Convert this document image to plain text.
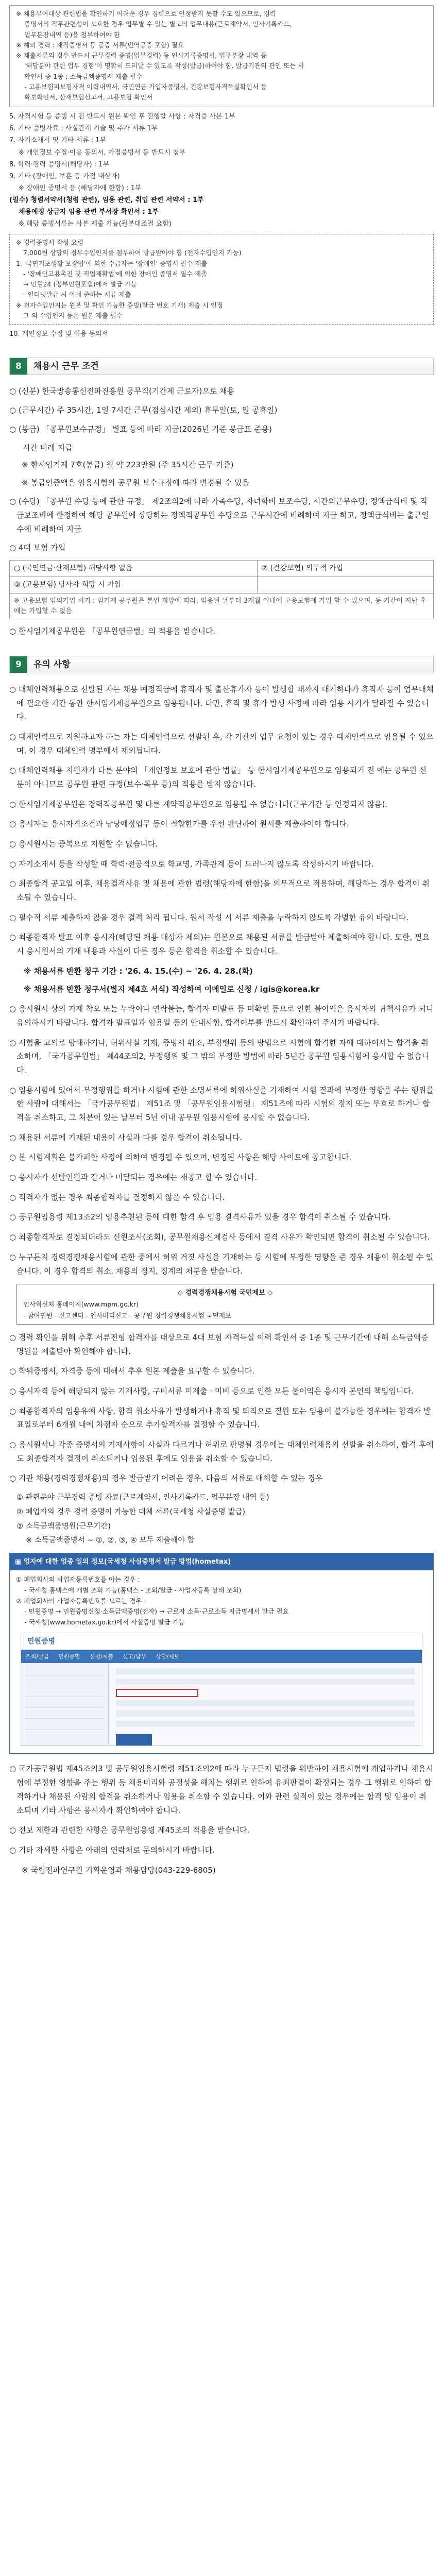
※ 채용부여대상 관련법을 확인하기 어려운 경우 경력으로 인정받지 못할 수도 있으므로, 경력

증명서의 직무관련성이 모호한 경우 업무별 수 있는 별도의 업무내용(근로계약서, 인사기록카드,

업무분장내역 등)을 첨부하여야 함

※ 해외 경력 : 재직증명서 등 공증 서류(번역공증 포함) 필요

※ 제출서류의 경우 반드시 근무경력 증명(업무경력) 등 인사기록증명서, 업무분장 내역 등

'해당분야 관련 업무 경험'이 명확히 드러날 수 있도록 작성(발급)하여야 함. 발급기관의 관인 또는 서

확인서 중 1종 ; 소득금액증명서 제출 필수

- 고용보험피보험자격 이력내역서, 국민연금 가입자증명서, 건강보험자격득실확인서 등

확보확인서, 산재보험신고서, 고용보험 확인서

5. 자격시험 등 증빙 시 전 반드시 원본 확인 후 진행할 사항 : 자격증 사본 1부

6. 기타 증빙자료 : 사실관계 기술 및 추가 서류 1부

7. 자기소개서 및 기타 서류 : 1부

※ 개인정보 수집·이용 동의서, 가점증빙서 등 반드시 첨부

8. 학력·경력 증명서(해당자) : 1부

9. 기타 (장애인, 보훈 등 가점 대상자)

※ 장애인 증명서 등 (해당자에 한함) : 1부

(필수) 청렴서약서(청렴 관련), 임용 관련, 취업 관련 서약서 : 1부

채용예정 상급자 임용 관련 부서장 확인서 : 1부

※ 해당 증빙서류는 사본 제출 가능(원본대조필 요함)

※ 경력증명서 작성 요령

7,000원 상당의 정부수입인지를 첨부하여 발급받아야 함 (전자수입인지 가능)

1. '국민기초생활 보장법'에 의한 수급자는 '장애인' 증명서 필수 제출

- '장애인고용촉진 및 직업재활법'에 의한 장애인 증명서 필수 제출

→ 민원24 (정부민원포털)에서 발급 가능

- 인터넷발급 시 이에 준하는 서류 제출

※ 전자수입인지는 원본 및 확인 가능한 증빙(발급 번호 기재) 제출 시 인정

그 외 수입인지 등은 원본 제출 필수

10. 개인정보 수집 및 이용 동의서
8	채용시 근무 조건
○ (신분) 한국방송통신전파진흥원 공무직(기간제 근로자)으로 채용
○ (근무시간) 주 35시간, 1일 7시간 근무(점심시간 제외) 휴무일(토, 일 공휴일)
○ (봉급) 「공무원보수규정」 별표 등에 따라 지급(2026년 기준 봉급표 준용)
시간 비례 지급
※ 한시임기제 7호(봉급) 월 약 223만원 (주 35시간 근무 기준)
※ 봉급인증액은 임용시험의 공무원 보수규정에 따라 변경될 수 있음
○ (수당) 「공무원 수당 등에 관한 규정」 제2조의2에 따라 가족수당, 자녀학비 보조수당, 시간외근무수당, 정액급식비 및 직급보조비에 한정하여 해당 공무원에 상당하는 정액적공무원 수당으로 근무시간에 비례하여 지급 하고, 정액급식비는 출근일수에 비례하여 지급
○ 4대 보험 가입
○ (국민연금·산재보험) 해당사항 없음	② (건강보험) 의무적 가입
③ (고용보험) 당사자 희망 시 가입	
※ 고용보험 임의가입 시기 : 임기제 공무원은 본인 희망에 따라, 임용된 날부터 3개월 이내에 고용보험에 가입 할 수 있으며, 동 기간이 지난 후에는 가입할 수 없음	
○ 한시임기제공무원은 「공무원연금법」의 적용을 받습니다.
9	유의 사항
○ 대체인력채용으로 선발된 자는 채용 예정직급에 휴직자 및 출산휴가자 등이 발생할 때까지 대기하다가 휴직자 등이 업무대체에 필요한 기간 동안 한시임기제공무원으로 임용됩니다. 다만, 휴직 및 휴가 발생 사정에 따라 임용 시기가 달라질 수 있습니다.
○ 대체인력으로 지원하고자 하는 자는 대체인력으로 선발된 후, 각 기관의 업무 요청이 있는 경우 대체인력으로 임용될 수 있으며, 이 경우 대체인력 명부에서 제외됩니다.
○ 대체인력채용 지원자가 다른 분야의 「개인정보 보호에 관한 법률」 등 한시임기제공무원으로 임용되기 전 에는 공무원 신분이 아니므로 공무원 관련 규정(보수·복무 등)의 적용을 받지 않습니다.
○ 한시임기제공무원은 경력직공무원 및 다른 계약직공무원으로 임용될 수 없습니다(근무기간 등 인정되지 않음).
○ 응시자는 응시자격조건과 담당예정업무 등이 적합한가를 우선 판단하여 원서를 제출하여야 합니다.
○ 응시원서는 중복으로 지원할 수 없습니다.
○ 자기소개서 등을 작성할 때 학력·전공적으로 학교명, 가족관계 등이 드러나지 않도록 작성하시기 바랍니다.
○ 최종합격 공고일 이후, 채용결격사유 및 채용에 관한 법령(해당자에 한함)을 의무적으로 적용하며, 해당하는 경우 합격이 취소될 수 있습니다.
○ 필수적 서류 제출하지 않을 경우 결격 처리 됩니다. 원서 작성 시 서류 제출을 누락하지 않도록 각별한 유의 바랍니다.
○ 최종합격자 발표 이후 응시자(해당된 채용 대상자 제외)는 원본으로 채용된 서류를 발급받아 제출하여야 합니다. 또한, 필요 시 응시원서의 기재 내용과 사실이 다른 경우 등은 합격을 취소할 수 있습니다.
※ 채용서류 반환 청구 기간 : '26. 4. 15.(수) ~ '26. 4. 28.(화)
※ 채용서류 반환 청구서(별지 제4호 서식) 작성하여 이메일로 신청 / igis@korea.kr
○ 응시원서 상의 기재 착오 또는 누락이나 연락불능, 합격자 미발표 등 미확인 등으로 인한 불이익은 응시자의 귀책사유가 되니 유의하시기 바랍니다. 합격자 발표일과 임용일 등의 안내사항, 합격여부를 반드시 확인하여 주시기 바랍니다.
○ 시험을 고의로 방해하거나, 허위사실 기재, 증빙서 위조, 부정행위 등의 방법으로 시험에 합격한 자에 대하여서는 합격을 취소하며, 「국가공무원법」 제44조의2, 부정행위 및 그 밖의 부정한 방법에 따라 5년간 공무원 임용시험에 응시할 수 없습니다.
○ 임용시험에 있어서 부정행위를 하거나 시험에 관한 소명서류에 허위사실을 기재하여 시험 결과에 부정한 영향을 주는 행위를 한 사람에 대해서는 「국가공무원법」 제51조 및 「공무원임용시험령」 제51조에 따라 시험의 정지 또는 무효로 하거나 합격을 취소하고, 그 처분이 있는 날부터 5년 이내 공무원 임용시험에 응시할 수 없습니다.
○ 채용된 서류에 기재된 내용이 사실과 다를 경우 합격이 취소됩니다.
○ 본 시험계획은 불가피한 사정에 의하여 변경될 수 있으며, 변경된 사항은 해당 사이트에 공고합니다.
○ 응시자가 선발인원과 같거나 미달되는 경우에는 재공고 할 수 있습니다.
○ 적격자가 없는 경우 최종합격자를 결정하지 않을 수 있습니다.
○ 공무원임용령 제13조2의 임용추천된 등에 대한 합격 후 임용 결격사유가 있을 경우 합격이 취소될 수 있습니다.
○ 최종합격자로 결정되더라도 신원조사(조회), 공무원채용신체검사 등에서 결격 사유가 확인되면 합격이 취소될 수 있습니다.
○ 누구든지 경력경쟁채용시험에 관한 중에서 허위 거짓 사실을 기재하는 등 시험에 부정한 영향을 준 경우 채용이 취소될 수 있습니다. 이 경우 합격의 취소, 채용의 정지, 징계의 처분을 받습니다.
◇ 경력경쟁채용시험 국민제보 ◇
인사혁신처 홈페이지(www.mpm.go.kr)
- 참여민원 - 신고센터 - 인사비리신고 - 공무원 경력경쟁채용시험 국민제보
○ 경력 확인을 위해 추후 서류전형 합격자를 대상으로 4대 보험 자격득실 이력 확인서 중 1종 및 근무기간에 대해 소득금액증명원을 제출받아 확인해야 합니다.
○ 학위증명서, 자격증 등에 대해서 추후 원본 제출을 요구할 수 있습니다.
○ 응시자격 등에 해당되지 않는 기재사항, 구비서류 미제출 · 미비 등으로 인한 모든 불이익은 응시자 본인의 책임입니다.
○ 최종합격자의 임용유예 사항, 합격 취소사유가 발생하거나 휴직 및 퇴직으로 결원 또는 임용이 불가능한 경우에는 합격자 발표일로부터 6개월 내에 차점자 순으로 추가합격자를 결정할 수 있습니다.
○ 응시원서나 각종 증명서의 기재사항이 사실과 다르거나 허위로 판명될 경우에는 대체인력채용의 선발을 취소하여, 합격 후에도 최종합격자 결정이 취소되거나 임용된 후에도 임용을 취소할 수 있습니다.
○ 기관 채용(경력경쟁채용)의 경우 발급받기 어려운 경우, 다음의 서류로 대체할 수 있는 경우

① 관련분야 근무경력 증빙 자료(근로계약서, 인사기록카드, 업무분장 내역 등)

② 폐업자의 경우 경력 증명이 가능한 대체 서류(국세청 사실증명 발급)

③ 소득금액증명원(근무기간)

※ 소득금액증명서 ~ ①, ②, ③, ④ 모두 제출해야 함

▣ 업자에 대한 업종 일의 정보(국세청 사실증명서 발급 방법(hometax)

① 폐업회사의 사업자등록번호를 아는 경우 :

- 국세청 홈택스에 개별 조회 가능(홈택스 - 조회/발급 - 사업자등록 상태 조회)

② 폐업회사의 사업자등록번호를 모르는 경우 :

- 민원증명 → 민원증명신청·소득금액증명(전자) → 근로자 소득·근로소득 지급명세서 발급 필요

- 국세청(www.hometax.go.kr)에서 사실증명 발급 가능

민원증명
조회/발급 민원증명 신청/제출 신고/납부 상담/제보
○ 국가공무원법 제45조의3 및 공무원임용시험령 제51조의2에 따라 누구든지 법령을 위반하여 채용시험에 개입하거나 채용시험에 부정한 영향을 주는 행위 등 채용비리와 공정성을 해치는 행위로 인하여 유죄판결이 확정되는 경우 그 행위로 인하여 합격하거나 채용된 사람의 합격을 취소하거나 임용을 취소할 수 있습니다. 이와 관련 실적이 있는 경우에는 합격 및 임용이 취소되며 기타 사항은 응시자가 확인하여야 합니다.
○ 전보 제한과 관련한 사항은 공무원임용령 제45조의 적용을 받습니다.
○ 기타 자세한 사항은 아래의 연락처로 문의하시기 바랍니다.
※ 국립전파연구원 기획운영과 채용담당(043-229-6805)
